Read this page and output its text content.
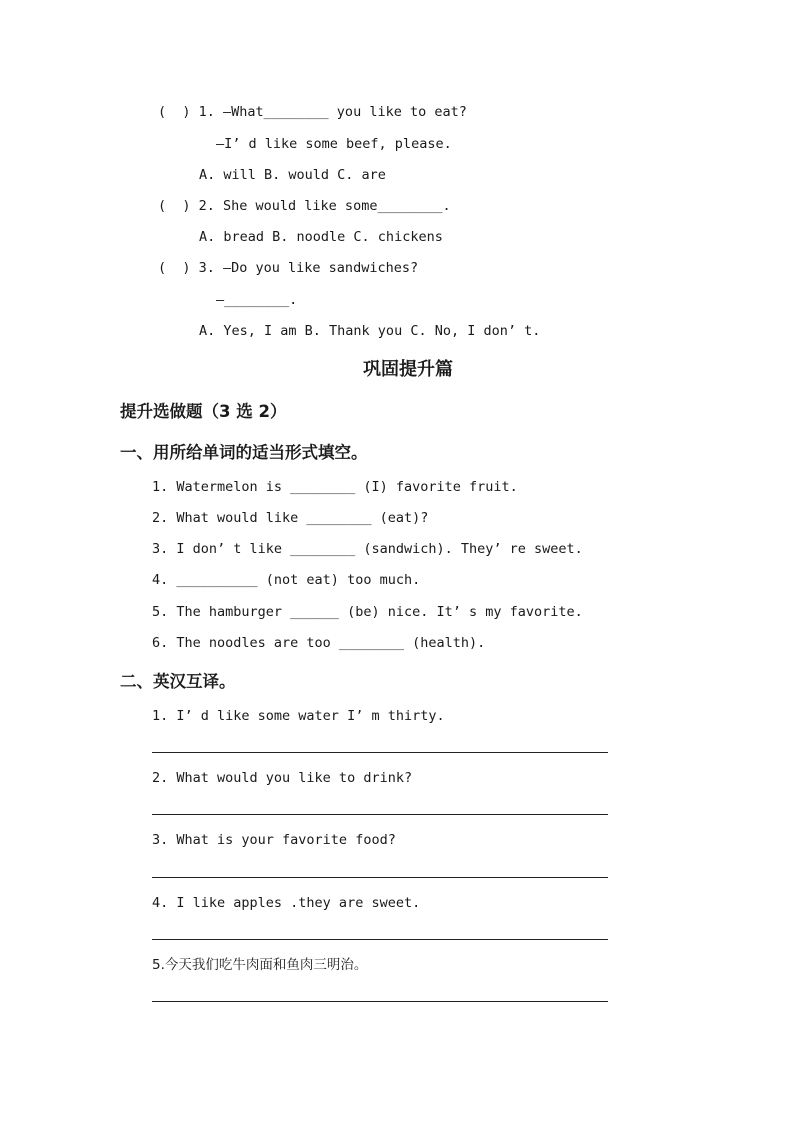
(  ) 1. —What________ you like to eat?
—I’ d like some beef, please.
A. will B. would C. are
(  ) 2. She would like some________.
A. bread B. noodle C. chickens
(  ) 3. —Do you like sandwiches?
—________.
A. Yes, I am B. Thank you C. No, I don’ t.
巩固提升篇
提升选做题（3 选 2）
一、用所给单词的适当形式填空。
1. Watermelon is ________ (I) favorite fruit.
2. What would like ________ (eat)?
3. I don’ t like ________ (sandwich). They’ re sweet.
4. __________ (not eat) too much.
5. The hamburger ______ (be) nice. It’ s my favorite.
6. The noodles are too ________ (health).
二、英汉互译。
1. I’ d like some water I’ m thirty.
2. What would you like to drink?
3. What is your favorite food?
4. I like apples .they are sweet.
5.今天我们吃牛肉面和鱼肉三明治。
